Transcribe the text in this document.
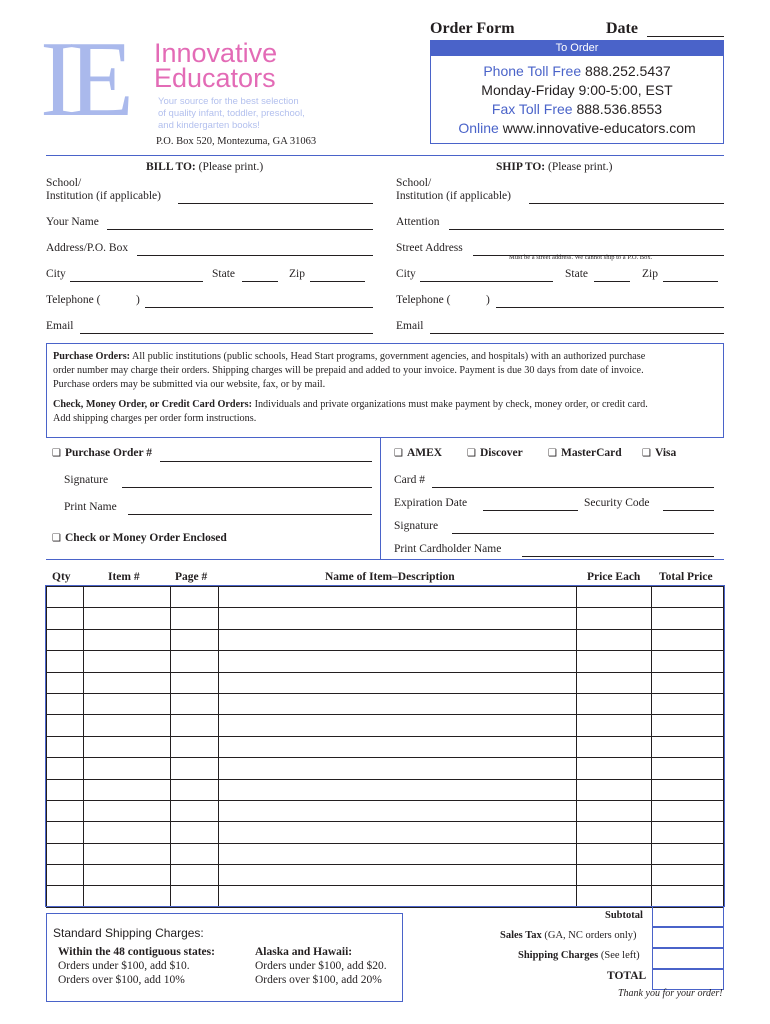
IE Innovative
Educators
Your source for the best selection
of quality infant, toddler, preschool,
and kindergarten books!
P.O. Box 520, Montezuma, GA 31063
Order Form	Date
To Order
Phone Toll Free 888.252.5437
Monday-Friday 9:00-5:00, EST
Fax Toll Free 888.536.8553
Online www.innovative-educators.com
BILL TO: (Please print.)
School/
Institution (if applicable)
Your Name
Address/P.O. Box
City	State	Zip
Telephone (	)
Email
SHIP TO: (Please print.)
School/
Institution (if applicable)
Attention
Street Address
Must be a street address. We cannot ship to a P.O. Box.
City	State	Zip
Telephone (	)
Email

Purchase Orders: All public institutions (public schools, Head Start programs, government agencies, and hospitals) with an authorized purchase

order number may charge their orders. Shipping charges will be prepaid and added to your invoice. Payment is due 30 days from date of invoice.

Purchase orders may be submitted via our website, fax, or by mail.

Check, Money Order, or Credit Card Orders: Individuals and private organizations must make payment by check, money order, or credit card.

Add shipping charges per order form instructions.

❑ Purchase Order #
Signature
Print Name
❑ Check or Money Order Enclosed
❑ AMEX ❑ Discover	❑ MasterCard ❑ Visa
Card #
Expiration Date	Security Code
Signature
Print Cardholder Name
Qty	Item #	Page #	Name of Item–Description	Price Each Total Price

Standard Shipping Charges:
Within the 48 contiguous states:
Orders under $100, add $10.
Orders over $100, add 10%
Alaska and Hawaii:
Orders under $100, add $20.
Orders over $100, add 20%
Subtotal
Sales Tax (GA, NC orders only)
Shipping Charges (See left)
TOTAL
Thank you for your order!
